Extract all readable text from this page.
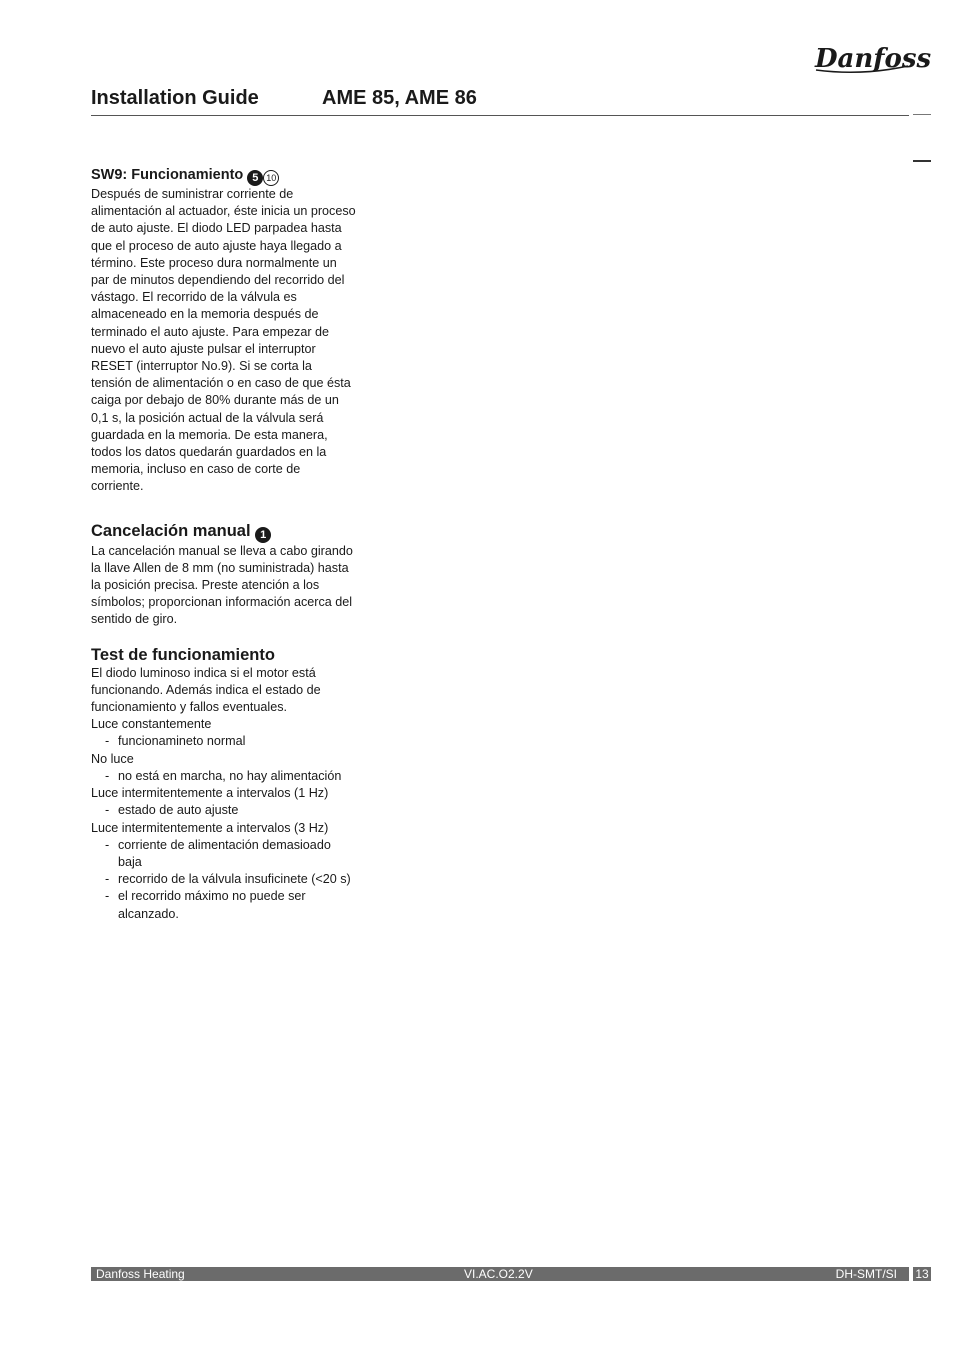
Danfoss
Installation Guide	AME 85, AME 86
SW9: Funcionamiento 5 10

Después de suministrar corriente de alimentación al actuador, éste inicia un proceso de auto ajuste. El diodo LED parpadea hasta que el proceso de auto ajuste haya llegado a término. Este proceso dura normalmente un par de minutos dependiendo del recorrido del vástago. El recorrido de la válvula es almaceneado en la memoria después de terminado el auto ajuste. Para empezar de nuevo el auto ajuste pulsar el interruptor RESET (interruptor No.9). Si se corta la tensión de alimentación o en caso de que ésta caiga por debajo de 80% durante más de un 0,1 s, la posición actual de la válvula será guardada en la memoria. De esta manera, todos los datos quedarán guardados en la memoria, incluso en caso de corte de corriente.

Cancelación manual 1

La cancelación manual se lleva a cabo girando la llave Allen de 8 mm (no suministrada) hasta la posición precisa. Preste atención a los símbolos; proporcionan información acerca del sentido de giro.

Test de funcionamiento

El diodo luminoso indica si el motor está funcionando. Además indica el estado de funcionamiento y fallos eventuales.

Luce constantemente

- funcionamineto normal

No luce

- no está en marcha, no hay alimentación

Luce intermitentemente a intervalos (1 Hz)

- estado de auto ajuste

Luce intermitentemente a intervalos (3 Hz)

- corriente de alimentación demasioado baja
- recorrido de la válvula insuficinete (<20 s)
- el recorrido máximo no puede ser alcanzado.
Danfoss Heating	VI.AC.O2.2V	DH-SMT/SI 13
